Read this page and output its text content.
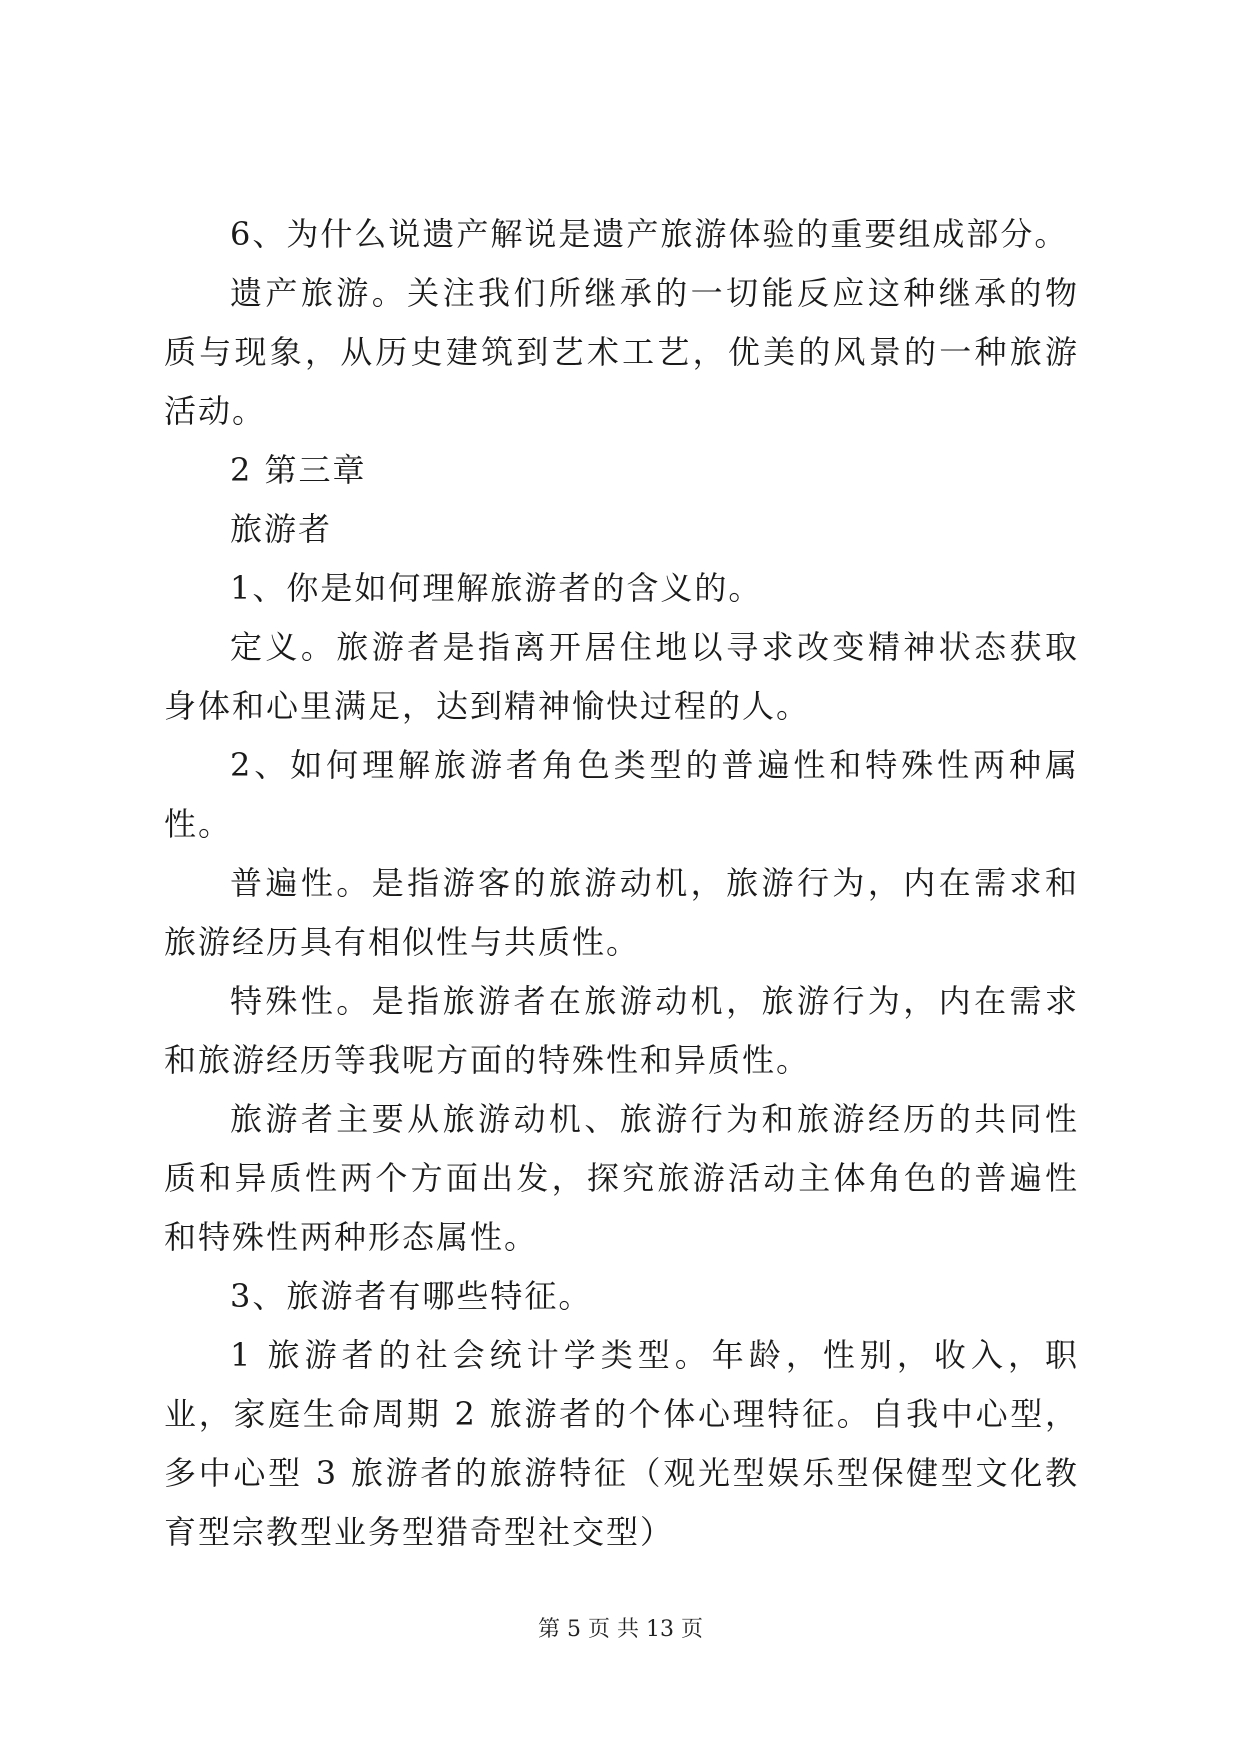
6、为什么说遗产解说是遗产旅游体验的重要组成部分。

遗产旅游。关注我们所继承的一切能反应这种继承的物质与现象，从历史建筑到艺术工艺，优美的风景的一种旅游活动。

2 第三章

旅游者

1、你是如何理解旅游者的含义的。

定义。旅游者是指离开居住地以寻求改变精神状态获取身体和心里满足，达到精神愉快过程的人。

2、如何理解旅游者角色类型的普遍性和特殊性两种属性。

普遍性。是指游客的旅游动机，旅游行为，内在需求和旅游经历具有相似性与共质性。

特殊性。是指旅游者在旅游动机，旅游行为，内在需求和旅游经历等我呢方面的特殊性和异质性。

旅游者主要从旅游动机、旅游行为和旅游经历的共同性质和异质性两个方面出发，探究旅游活动主体角色的普遍性和特殊性两种形态属性。

3、旅游者有哪些特征。

1 旅游者的社会统计学类型。年龄，性别，收入，职业，家庭生命周期 2 旅游者的个体心理特征。自我中心型，多中心型 3 旅游者的旅游特征（观光型娱乐型保健型文化教育型宗教型业务型猎奇型社交型）

第 5 页 共 13 页
